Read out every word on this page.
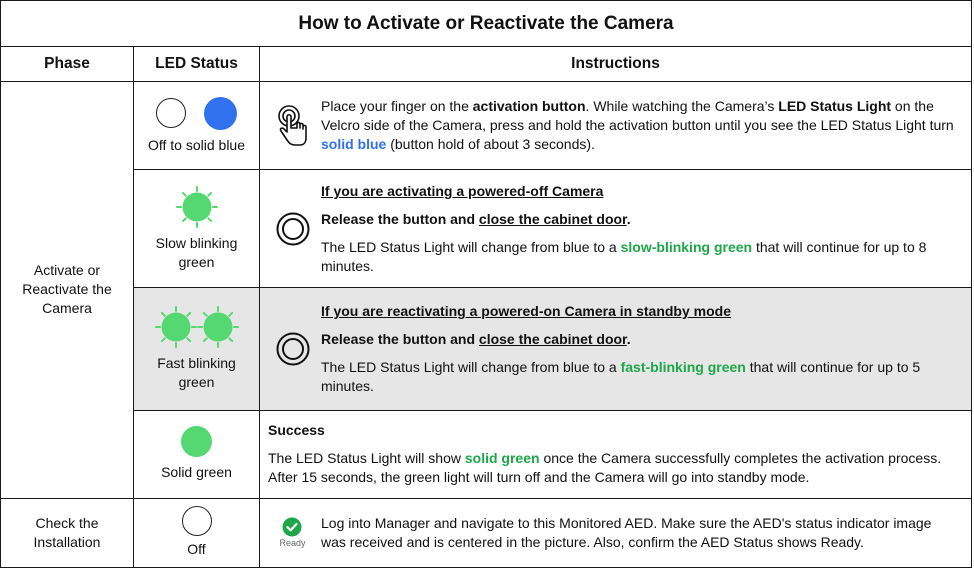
How to Activate or Reactivate the Camera		
Phase	LED Status	Instructions
Activate or Reactivate the Camera	Off to solid blue	Place your finger on the activation button. While watching the Camera’s LED Status Light on the Velcro side of the Camera, press and hold the activation button until you see the LED Status Light turn solid blue (button hold of about 3 seconds).

	Slow blinking green	If you are activating a powered-off Camera

Release the button and close the cabinet door.

The LED Status Light will change from blue to a slow-blinking green that will continue for up to 8 minutes.

	Fast blinking green	If you are reactivating a powered-on Camera in standby mode

Release the button and close the cabinet door.

The LED Status Light will change from blue to a fast-blinking green that will continue for up to 5 minutes.

	Solid green	Success

The LED Status Light will show solid green once the Camera successfully completes the activation process. After 15 seconds, the green light will turn off and the Camera will go into standby mode.

Check the Installation	Off	Ready
Log into Manager and navigate to this Monitored AED. Make sure the AED's status indicator image was received and is centered in the picture. Also, confirm the AED Status shows Ready.
